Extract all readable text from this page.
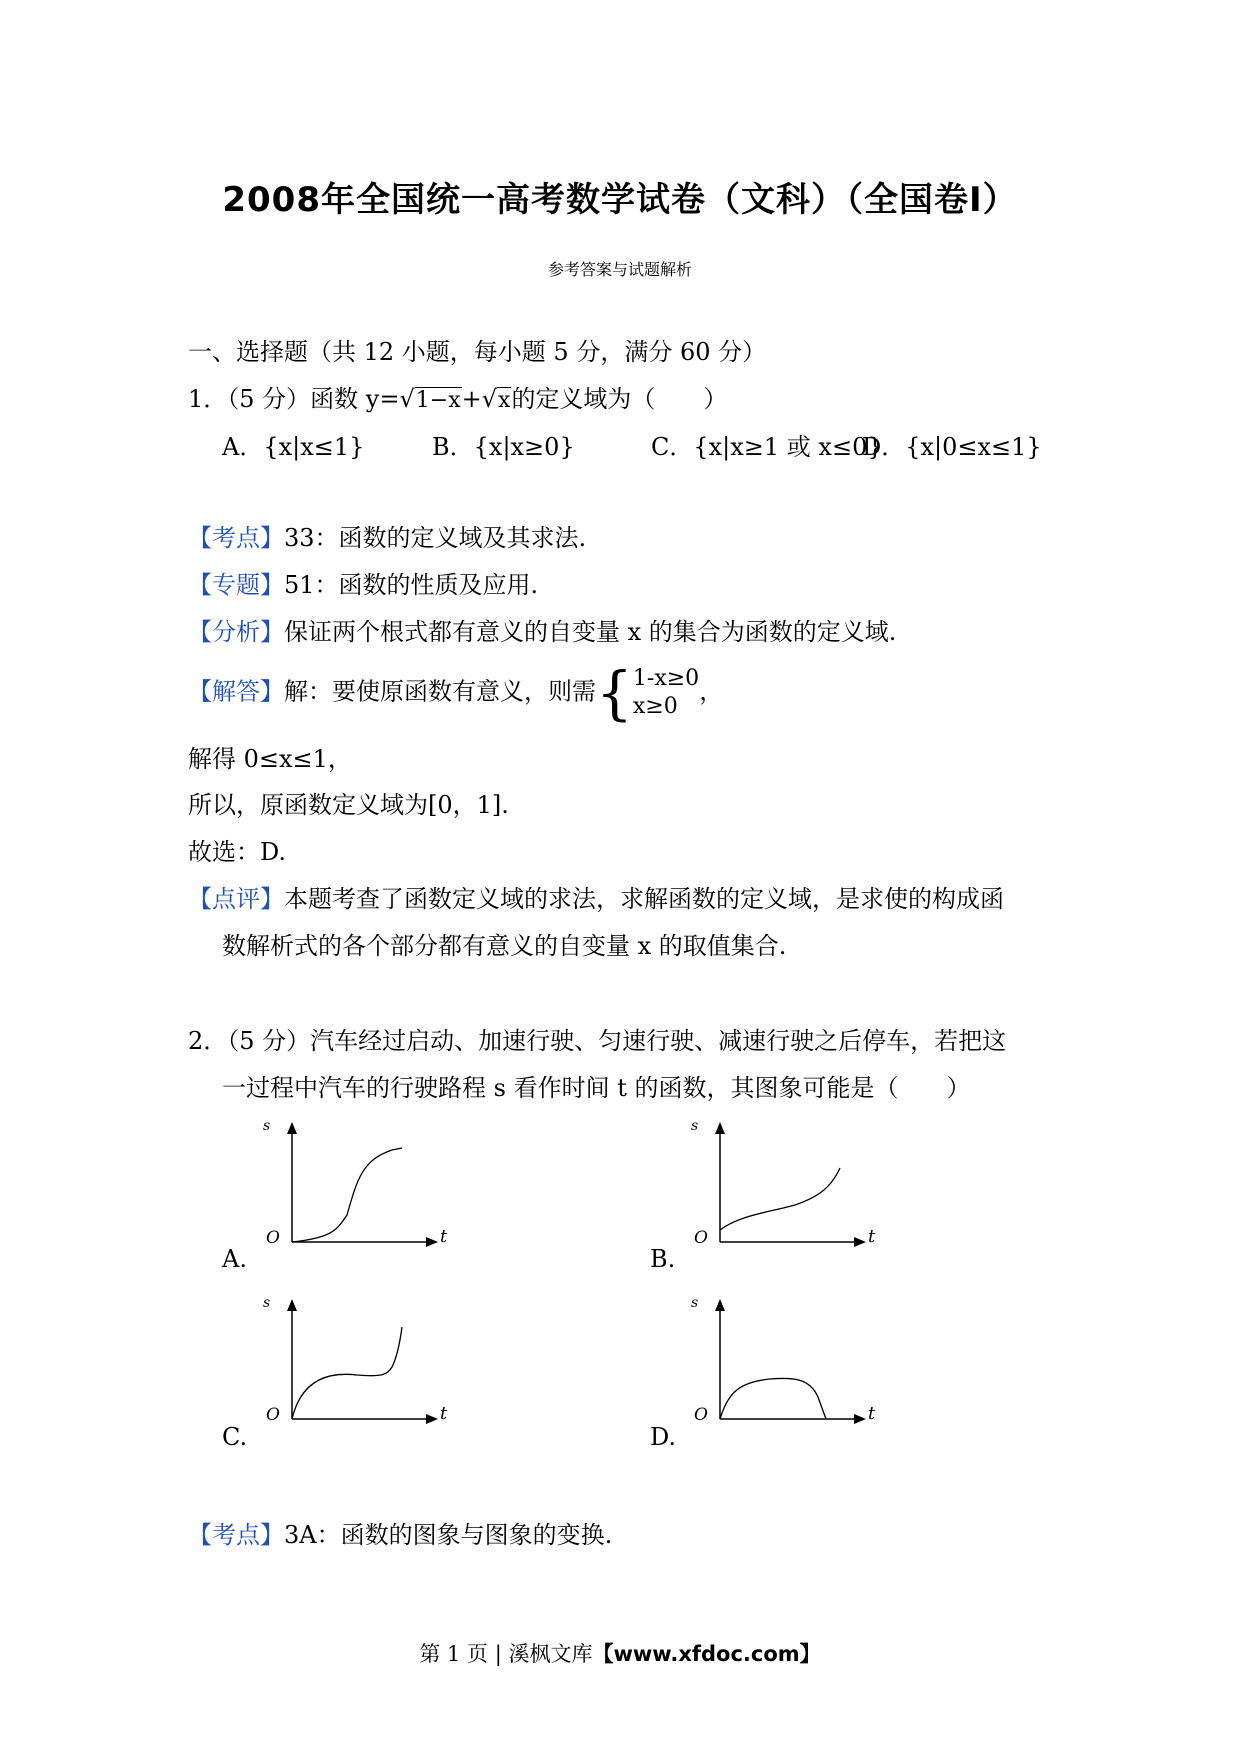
2008年全国统一高考数学试卷（文科）（全国卷Ⅰ）
参考答案与试题解析
一、选择题（共 12 小题，每小题 5 分，满分 60 分）
1．（5 分）函数 y=√1−x+√x的定义域为（　　）
A．{x|x≤1}	B．{x|x≥0}	C．{x|x≥1 或 x≤0}
D．{x|0≤x≤1}
【考点】33：函数的定义域及其求法.
【专题】51：函数的性质及应用.
【分析】保证两个根式都有意义的自变量 x 的集合为函数的定义域.
【解答】解：要使原函数有意义，则需{ 1-x≥0
x≥0
，
解得 0≤x≤1，
所以，原函数定义域为[0，1].
故选：D.
【点评】本题考查了函数定义域的求法，求解函数的定义域，是求使的构成函
数解析式的各个部分都有意义的自变量 x 的取值集合.
2．（5 分）汽车经过启动、加速行驶、匀速行驶、减速行驶之后停车，若把这
一过程中汽车的行驶路程 s 看作时间 t 的函数，其图象可能是（　　）
s
t
O
A.
s
t
O
B.
s
t
O
C.
s
t
O
D.
【考点】3A：函数的图象与图象的变换.
第 1 页 | 溪枫文库【www.xfdoc.com】
